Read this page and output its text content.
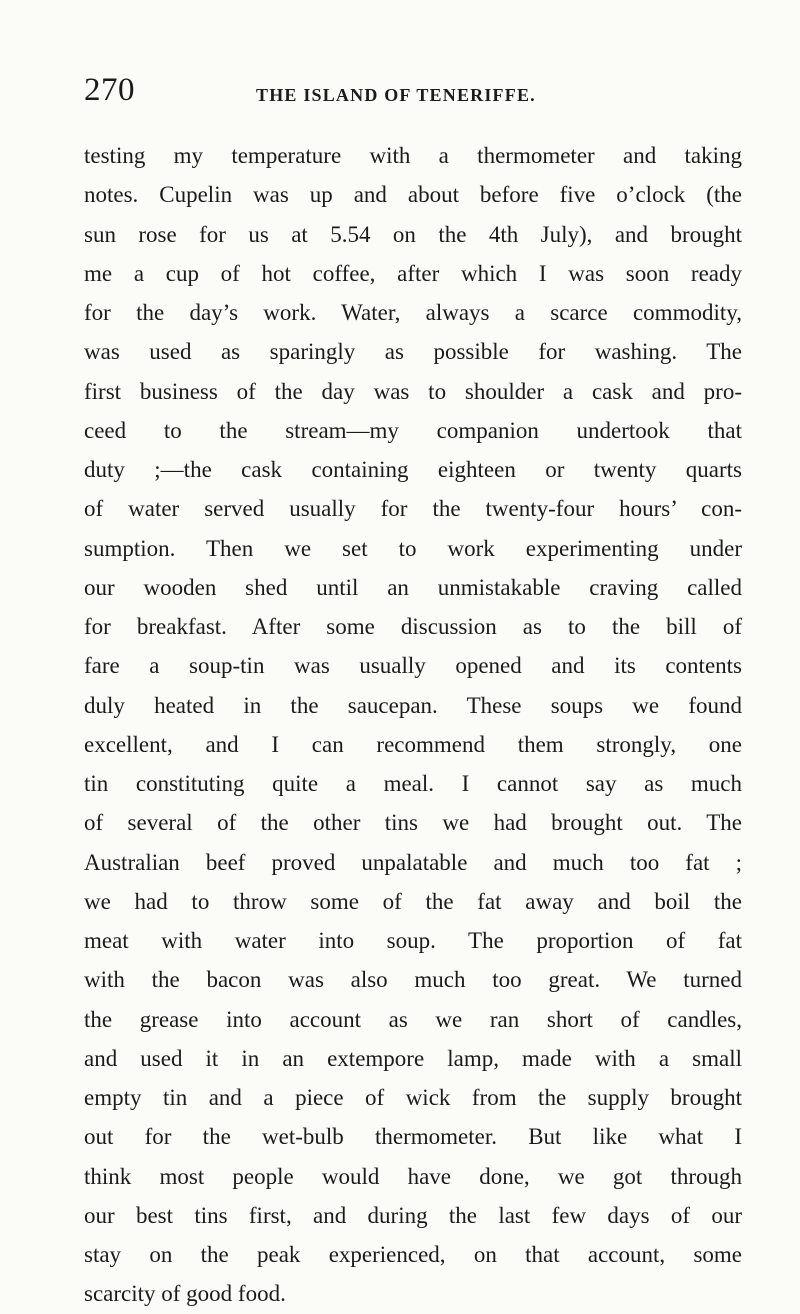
270	THE ISLAND OF TENERIFFE.
testing my temperature with a thermometer and taking
notes. Cupelin was up and about before five o’clock (the
sun rose for us at 5.54 on the 4th July), and brought
me a cup of hot coffee, after which I was soon ready
for the day’s work. Water, always a scarce commodity,
was used as sparingly as possible for washing. The
first business of the day was to shoulder a cask and pro-
ceed to the stream—my companion undertook that
duty ;—the cask containing eighteen or twenty quarts
of water served usually for the twenty-four hours’ con-
sumption. Then we set to work experimenting under
our wooden shed until an unmistakable craving called
for breakfast. After some discussion as to the bill of
fare a soup-tin was usually opened and its contents
duly heated in the saucepan. These soups we found
excellent, and I can recommend them strongly, one
tin constituting quite a meal. I cannot say as much
of several of the other tins we had brought out. The
Australian beef proved unpalatable and much too fat ;
we had to throw some of the fat away and boil the
meat with water into soup. The proportion of fat
with the bacon was also much too great. We turned
the grease into account as we ran short of candles,
and used it in an extempore lamp, made with a small
empty tin and a piece of wick from the supply brought
out for the wet-bulb thermometer. But like what I
think most people would have done, we got through
our best tins first, and during the last few days of our
stay on the peak experienced, on that account, some
scarcity of good food.
